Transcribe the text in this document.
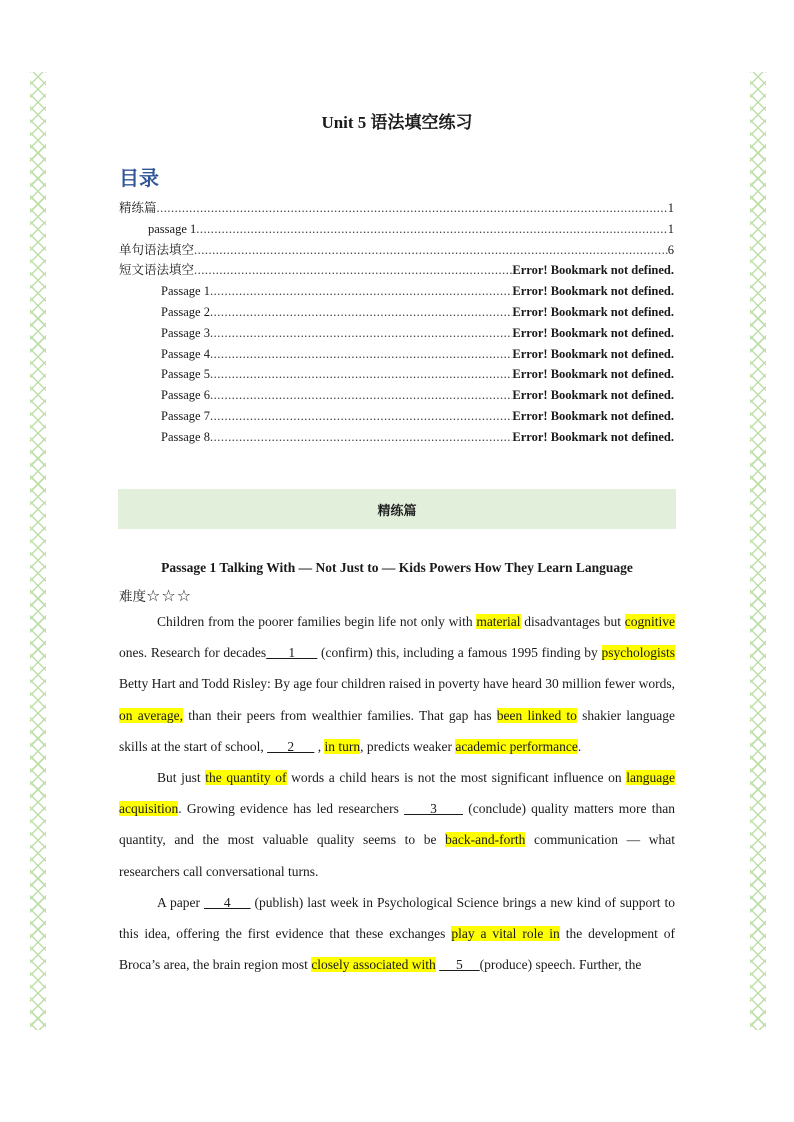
Unit 5 语法填空练习
目录
精练篇 .....	1
passage 1 .....	1
单句语法填空 .....	6
短文语法填空 .....	Error! Bookmark not defined.
Passage 1 .....	Error! Bookmark not defined.
Passage 2 .....	Error! Bookmark not defined.
Passage 3 .....	Error! Bookmark not defined.
Passage 4 .....	Error! Bookmark not defined.
Passage 5 .....	Error! Bookmark not defined.
Passage 6 .....	Error! Bookmark not defined.
Passage 7 .....	Error! Bookmark not defined.
Passage 8 .....	Error! Bookmark not defined.
精练篇
Passage 1 Talking With — Not Just to — Kids Powers How They Learn Language
难度☆☆☆

Children from the poorer families begin life not only with material disadvantages but cognitive ones. Research for decades      1       (confirm) this, including a famous 1995 finding by psychologists Betty Hart and Todd Risley: By age four children raised in poverty have heard 30 million fewer words, on average, than their peers from wealthier families. That gap has been linked to shakier language skills at the start of school,       2       , in turn, predicts weaker academic performance.

But just the quantity of words a child hears is not the most significant influence on language acquisition. Growing evidence has led researchers      3      (conclude) quality matters more than quantity, and the most valuable quality seems to be back-and-forth communication — what researchers call conversational turns.

A paper      4      (publish) last week in Psychological Science brings a new kind of support to this idea, offering the first evidence that these exchanges play a vital role in the development of Broca’s area, the brain region most closely associated with      5     (produce) speech. Further, the
